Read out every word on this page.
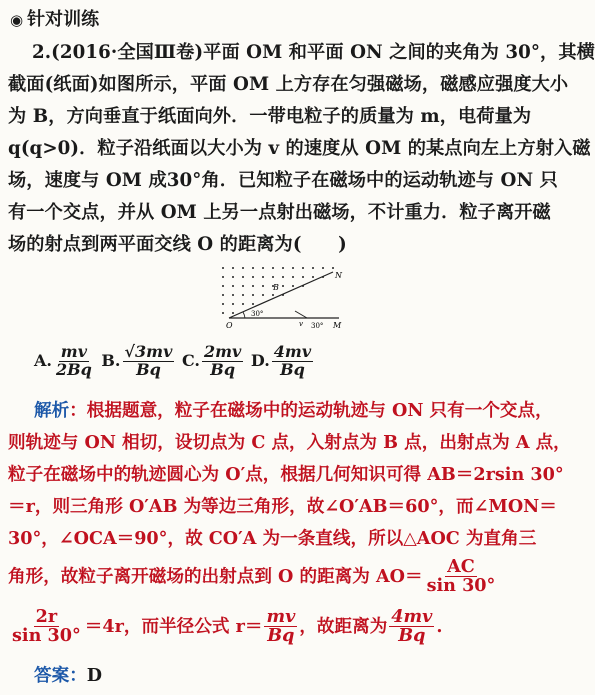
◉ 针对训练
2.(2016·全国Ⅲ卷)平面 OM 和平面 ON 之间的夹角为 30°，其横
截面(纸面)如图所示，平面 OM 上方存在匀强磁场，磁感应强度大小
为 B，方向垂直于纸面向外．一带电粒子的质量为 m，电荷量为
q(q>0)．粒子沿纸面以大小为 v 的速度从 OM 的某点向左上方射入磁
场，速度与 OM 成30°角．已知粒子在磁场中的运动轨迹与 ON 只
有一个交点，并从 OM 上另一点射出磁场，不计重力．粒子离开磁
场的射点到两平面交线 O 的距离为(　　)
O	M
N
B
30°
30°
v
A. $\frac{mv}{2Bq} B$. $\frac{√3mv}{Bq} C$. $\frac{2mv}{Bq} D$. $\frac{4mv}{Bq}$
解析：根据题意，粒子在磁场中的运动轨迹与 ON 只有一个交点，
则轨迹与 ON 相切，设切点为 C 点，入射点为 B 点，出射点为 A 点，
粒子在磁场中的轨迹圆心为 O′点，根据几何知识可得 AB＝2rsin 30°
＝r，则三角形 O′AB 为等边三角形，故∠O′AB＝60°，而∠MON＝
30°，∠OCA＝90°，故 CO′A 为一条直线，所以△AOC 为直角三
角形，故粒子离开磁场的出射点到 O 的距离为 $AO= \frac{AC}{\sin 30^\circ}$
$\frac{2r}{\sin 30^\circ} =4r$，而半径公式 $r= \frac{mv}{Bq}$ ，故距离为 $\frac{4mv}{Bq}$ .
答案：D
